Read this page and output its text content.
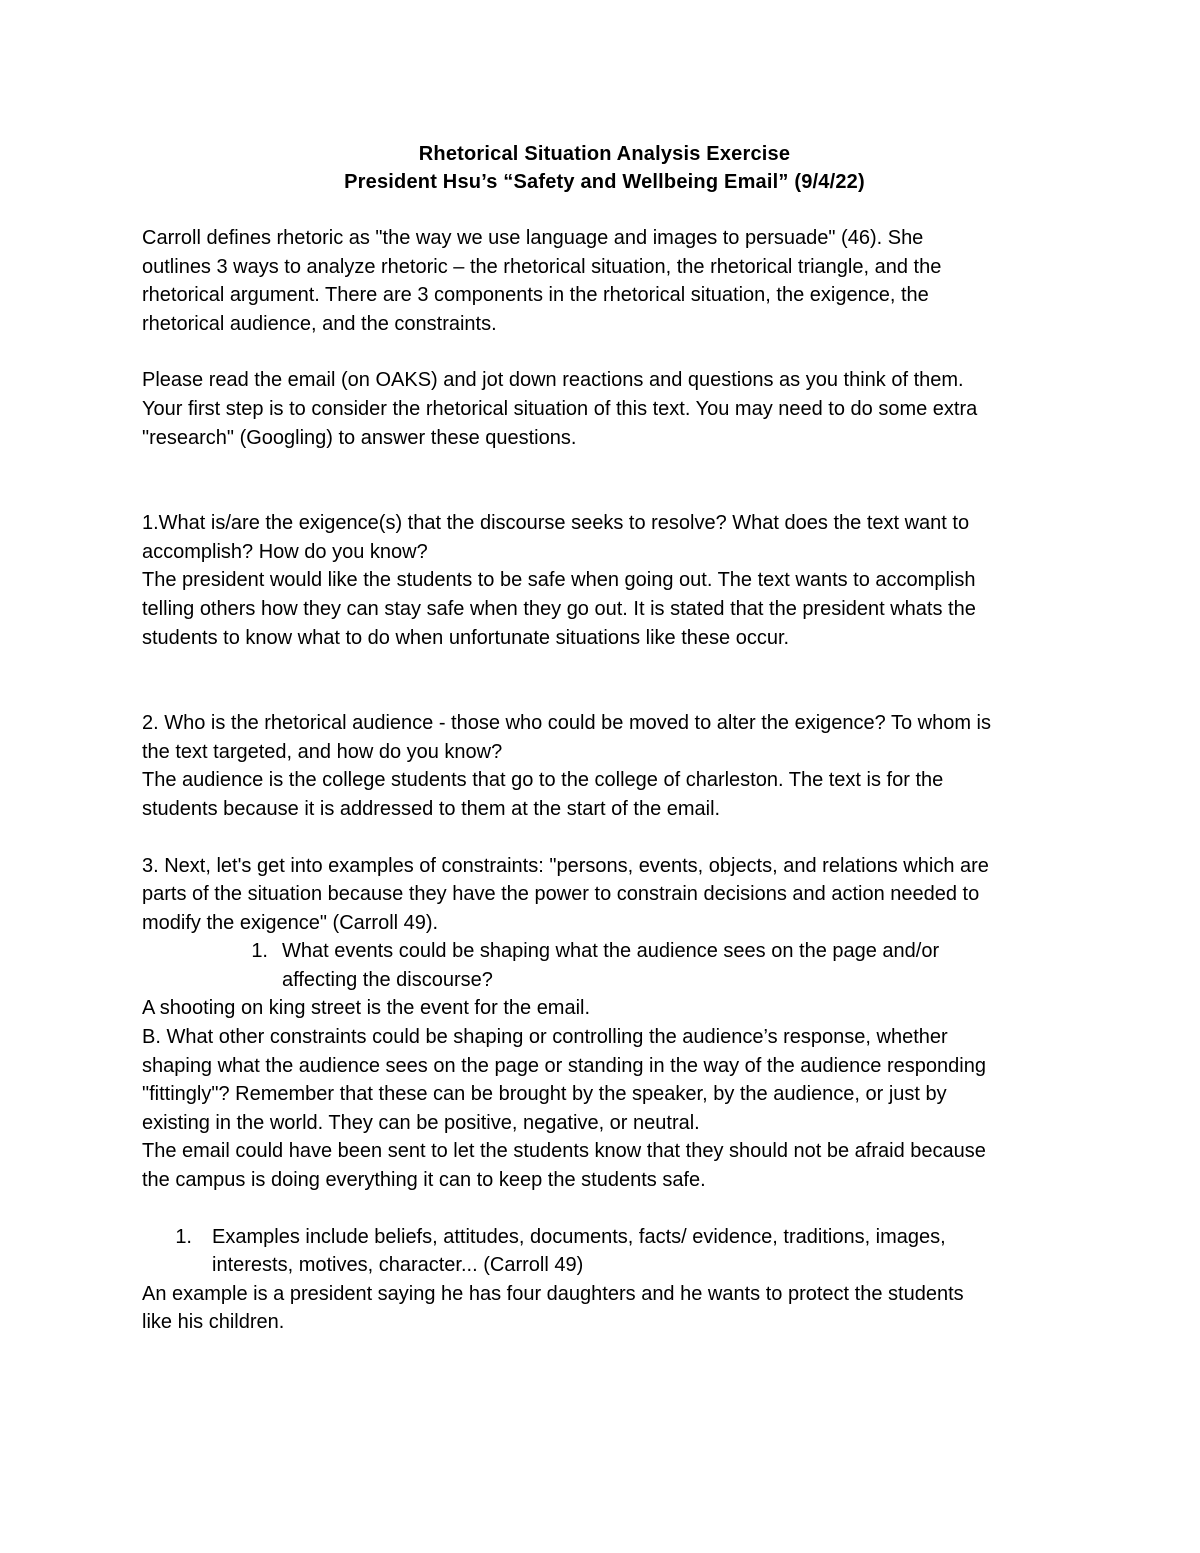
Rhetorical Situation Analysis Exercise

President Hsu’s “Safety and Wellbeing Email” (9/4/22)

Carroll defines rhetoric as "the way we use language and images to persuade" (46). She

outlines 3 ways to analyze rhetoric – the rhetorical situation, the rhetorical triangle, and the

rhetorical argument. There are 3 components in the rhetorical situation, the exigence, the

rhetorical audience, and the constraints.

Please read the email (on OAKS) and jot down reactions and questions as you think of them.

Your first step is to consider the rhetorical situation of this text. You may need to do some extra

"research" (Googling) to answer these questions.

1.What is/are the exigence(s) that the discourse seeks to resolve? What does the text want to

accomplish? How do you know?

The president would like the students to be safe when going out. The text wants to accomplish

telling others how they can stay safe when they go out. It is stated that the president whats the

students to know what to do when unfortunate situations like these occur.

2. Who is the rhetorical audience - those who could be moved to alter the exigence? To whom is

the text targeted, and how do you know?

The audience is the college students that go to the college of charleston. The text is for the

students because it is addressed to them at the start of the email.

3. Next, let's get into examples of constraints: "persons, events, objects, and relations which are

parts of the situation because they have the power to constrain decisions and action needed to

modify the exigence" (Carroll 49).

1. What events could be shaping what the audience sees on the page and/or
affecting the discourse?

A shooting on king street is the event for the email.

B. What other constraints could be shaping or controlling the audience’s response, whether

shaping what the audience sees on the page or standing in the way of the audience responding

"fittingly"? Remember that these can be brought by the speaker, by the audience, or just by

existing in the world. They can be positive, negative, or neutral.

The email could have been sent to let the students know that they should not be afraid because

the campus is doing everything it can to keep the students safe.

1.	Examples include beliefs, attitudes, documents, facts/ evidence, traditions, images,
interests, motives, character... (Carroll 49)

An example is a president saying he has four daughters and he wants to protect the students

like his children.
